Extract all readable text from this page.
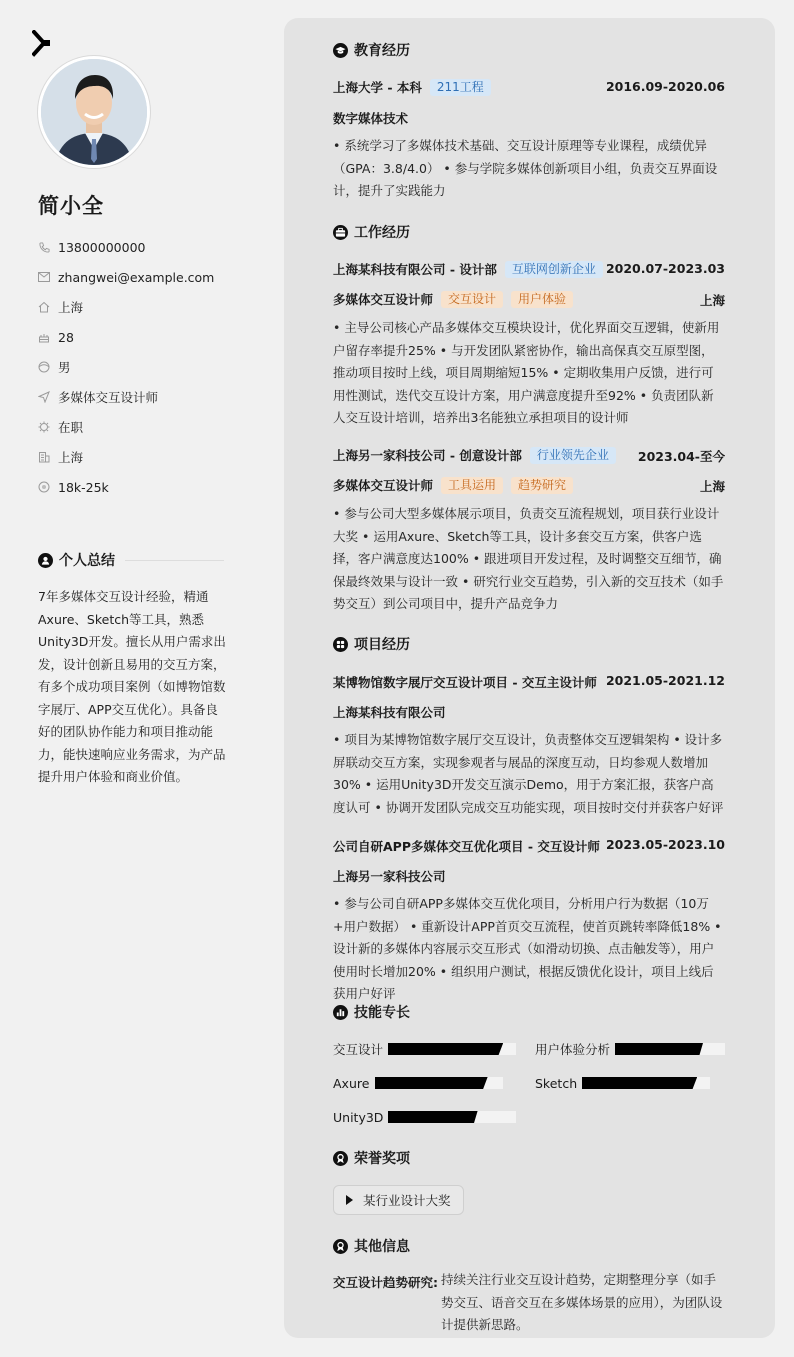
简小全
13800000000
zhangwei@example.com
上海
28
男
多媒体交互设计师
在职
上海
18k-25k
个人总结
7年多媒体交互设计经验，精通Axure、Sketch等工具，熟悉Unity3D开发。擅长从用户需求出发，设计创新且易用的交互方案，有多个成功项目案例（如博物馆数字展厅、APP交互优化）。具备良好的团队协作能力和项目推动能力，能快速响应业务需求，为产品提升用户体验和商业价值。
教育经历
上海大学 - 本科	211工程	2016.09-2020.06
数字媒体技术
• 系统学习了多媒体技术基础、交互设计原理等专业课程，成绩优异（GPA：3.8/4.0） • 参与学院多媒体创新项目小组，负责交互界面设计，提升了实践能力
工作经历
上海某科技有限公司 - 设计部	互联网创新企业 2020.07-2023.03
多媒体交互设计师	交互设计	用户体验	上海
• 主导公司核心产品多媒体交互模块设计，优化界面交互逻辑，使新用户留存率提升25% • 与开发团队紧密协作，输出高保真交互原型图，推动项目按时上线，项目周期缩短15% • 定期收集用户反馈，进行可用性测试，迭代交互设计方案，用户满意度提升至92% • 负责团队新人交互设计培训，培养出3名能独立承担项目的设计师
上海另一家科技公司 - 创意设计部	行业领先企业	2023.04-至今
多媒体交互设计师	工具运用	趋势研究	上海
• 参与公司大型多媒体展示项目，负责交互流程规划，项目获行业设计大奖 • 运用Axure、Sketch等工具，设计多套交互方案，供客户选择，客户满意度达100% • 跟进项目开发过程，及时调整交互细节，确保最终效果与设计一致 • 研究行业交互趋势，引入新的交互技术（如手势交互）到公司项目中，提升产品竞争力
项目经历
某博物馆数字展厅交互设计项目 - 交互主设计师 2021.05-2021.12
上海某科技有限公司
• 项目为某博物馆数字展厅交互设计，负责整体交互逻辑架构 • 设计多屏联动交互方案，实现参观者与展品的深度互动，日均参观人数增加30% • 运用Unity3D开发交互演示Demo，用于方案汇报，获客户高度认可 • 协调开发团队完成交互功能实现，项目按时交付并获客户好评
公司自研APP多媒体交互优化项目 - 交互设计师 2023.05-2023.10
上海另一家科技公司
• 参与公司自研APP多媒体交互优化项目，分析用户行为数据（10万+用户数据） • 重新设计APP首页交互流程，使首页跳转率降低18% • 设计新的多媒体内容展示交互形式（如滑动切换、点击触发等），用户使用时长增加20% • 组织用户测试，根据反馈优化设计，项目上线后获用户好评
技能专长
交互设计	用户体验分析
Axure	Sketch
Unity3D
荣誉奖项
某行业设计大奖
其他信息
交互设计趋势研究: 持续关注行业交互设计趋势，定期整理分享（如手势交互、语音交互在多媒体场景的应用），为团队设计提供新思路。
